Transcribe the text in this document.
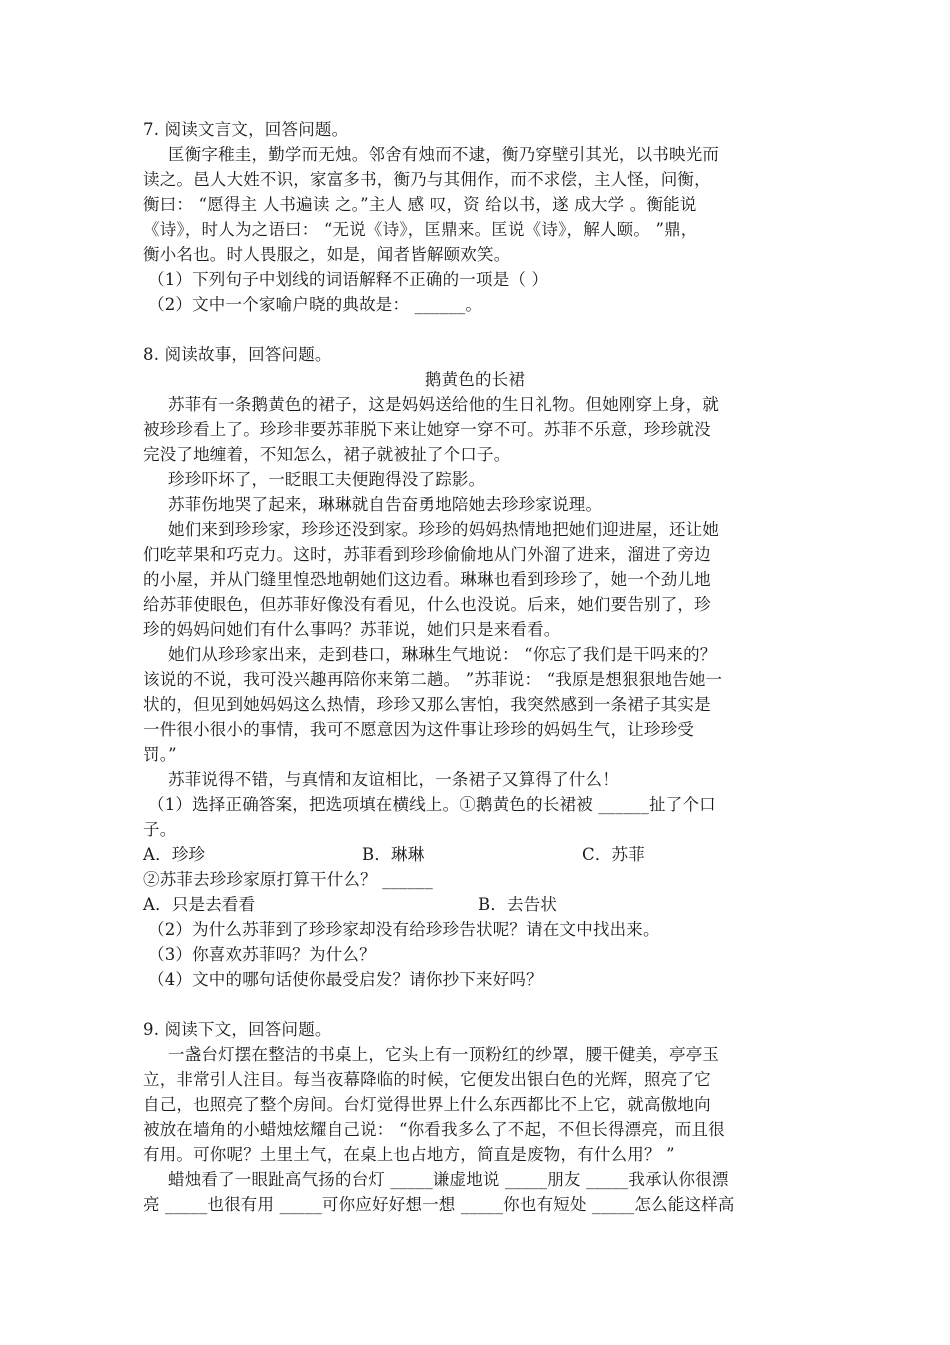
7. 阅读文言文，回答问题。
匡衡字稚圭，勤学而无烛。邻舍有烛而不逮，衡乃穿壁引其光，以书映光而
读之。邑人大姓不识，家富多书，衡乃与其佣作，而不求偿，主人怪，问衡，
衡曰： “愿得主 人书遍读 之。”主人 感 叹，资 给以书，遂 成大学 。衡能说
《诗》，时人为之语曰： “无说《诗》，匡鼎来。匡说《诗》，解人颐。 ”鼎，
衡小名也。时人畏服之，如是，闻者皆解颐欢笑。
（1）下列句子中划线的词语解释不正确的一项是（ ）
（2）文中一个家喻户晓的典故是： ______。
8. 阅读故事，回答问题。
鹅黄色的长裙
苏菲有一条鹅黄色的裙子，这是妈妈送给他的生日礼物。但她刚穿上身，就
被珍珍看上了。珍珍非要苏菲脱下来让她穿一穿不可。苏菲不乐意，珍珍就没
完没了地缠着，不知怎么，裙子就被扯了个口子。
珍珍吓坏了，一眨眼工夫便跑得没了踪影。
苏菲伤地哭了起来，琳琳就自告奋勇地陪她去珍珍家说理。
她们来到珍珍家，珍珍还没到家。珍珍的妈妈热情地把她们迎进屋，还让她
们吃苹果和巧克力。这时，苏菲看到珍珍偷偷地从门外溜了进来，溜进了旁边
的小屋，并从门缝里惶恐地朝她们这边看。琳琳也看到珍珍了，她一个劲儿地
给苏菲使眼色，但苏菲好像没有看见，什么也没说。后来，她们要告别了，珍
珍的妈妈问她们有什么事吗？苏菲说，她们只是来看看。
她们从珍珍家出来，走到巷口，琳琳生气地说： “你忘了我们是干吗来的？
该说的不说，我可没兴趣再陪你来第二趟。 ”苏菲说： “我原是想狠狠地告她一
状的，但见到她妈妈这么热情，珍珍又那么害怕，我突然感到一条裙子其实是
一件很小很小的事情，我可不愿意因为这件事让珍珍的妈妈生气，让珍珍受
罚。”
苏菲说得不错，与真情和友谊相比，一条裙子又算得了什么！
（1）选择正确答案，把选项填在横线上。①鹅黄色的长裙被 ______扯了个口
子。
A．珍珍	B．琳琳	C．苏菲
②苏菲去珍珍家原打算干什么？ ______
A．只是去看看	B．去告状
（2）为什么苏菲到了珍珍家却没有给珍珍告状呢？请在文中找出来。
（3）你喜欢苏菲吗？为什么？
（4）文中的哪句话使你最受启发？请你抄下来好吗？
9. 阅读下文，回答问题。
一盏台灯摆在整洁的书桌上，它头上有一顶粉红的纱罩，腰干健美，亭亭玉
立，非常引人注目。每当夜幕降临的时候，它便发出银白色的光辉，照亮了它
自己，也照亮了整个房间。台灯觉得世界上什么东西都比不上它，就高傲地向
被放在墙角的小蜡烛炫耀自己说： “你看我多么了不起，不但长得漂亮，而且很
有用。可你呢？土里土气，在桌上也占地方，简直是废物，有什么用？ ”
蜡烛看了一眼趾高气扬的台灯 _____谦虚地说 _____朋友 _____我承认你很漂
亮 _____也很有用 _____可你应好好想一想 _____你也有短处 _____怎么能这样高
